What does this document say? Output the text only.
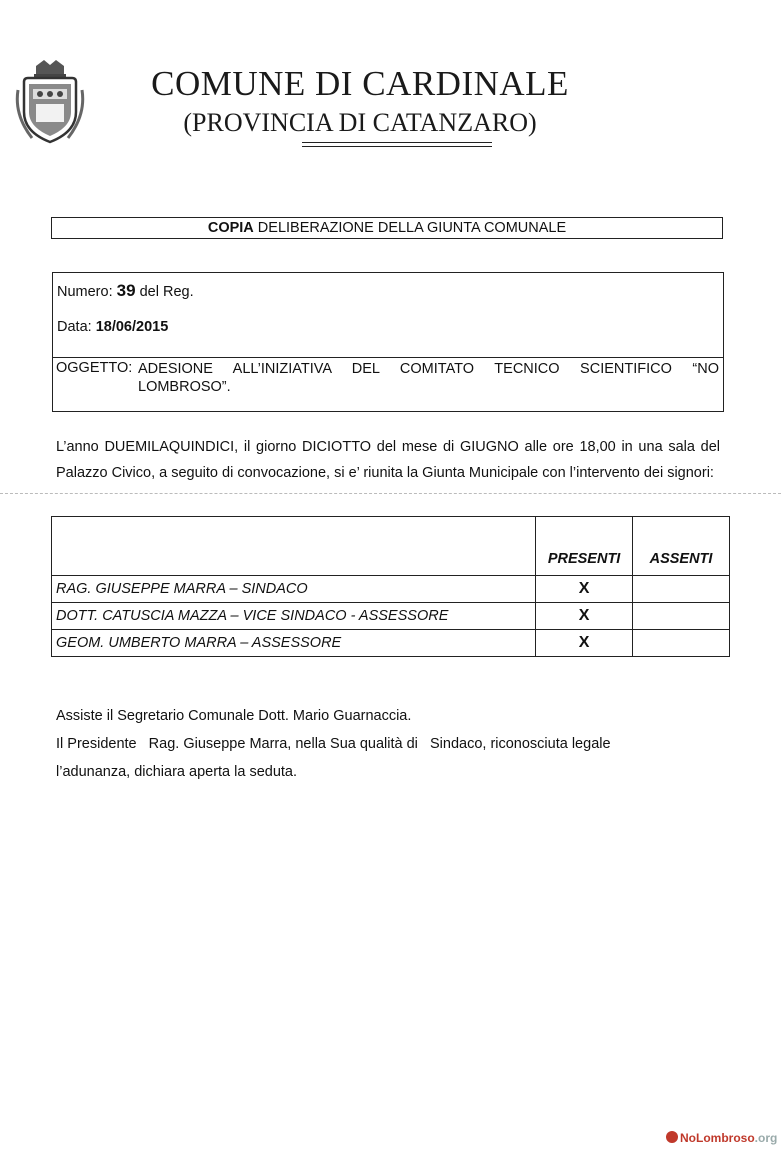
COMUNE DI CARDINALE
(PROVINCIA DI CATANZARO)
COPIA DELIBERAZIONE DELLA GIUNTA COMUNALE
Numero: 39 del Reg.
Data: 18/06/2015
OGGETTO: ADESIONE ALL’INIZIATIVA DEL COMITATO TECNICO SCIENTIFICO “NO
LOMBROSO”.
L’anno DUEMILAQUINDICI, il giorno DICIOTTO del mese di GIUGNO alle ore 18,00 in una sala del Palazzo Civico, a seguito di convocazione, si e’ riunita la Giunta Municipale con l’intervento dei signori:
	PRESENTI	ASSENTI
RAG. GIUSEPPE MARRA – SINDACO	X	
DOTT. CATUSCIA MAZZA – VICE SINDACO - ASSESSORE	X	
GEOM. UMBERTO MARRA – ASSESSORE	X	
Assiste il Segretario Comunale Dott. Mario Guarnaccia.
Il Presidente   Rag. Giuseppe Marra, nella Sua qualità di   Sindaco, riconosciuta legale
l’adunanza, dichiara aperta la seduta.
NoLombroso.org
